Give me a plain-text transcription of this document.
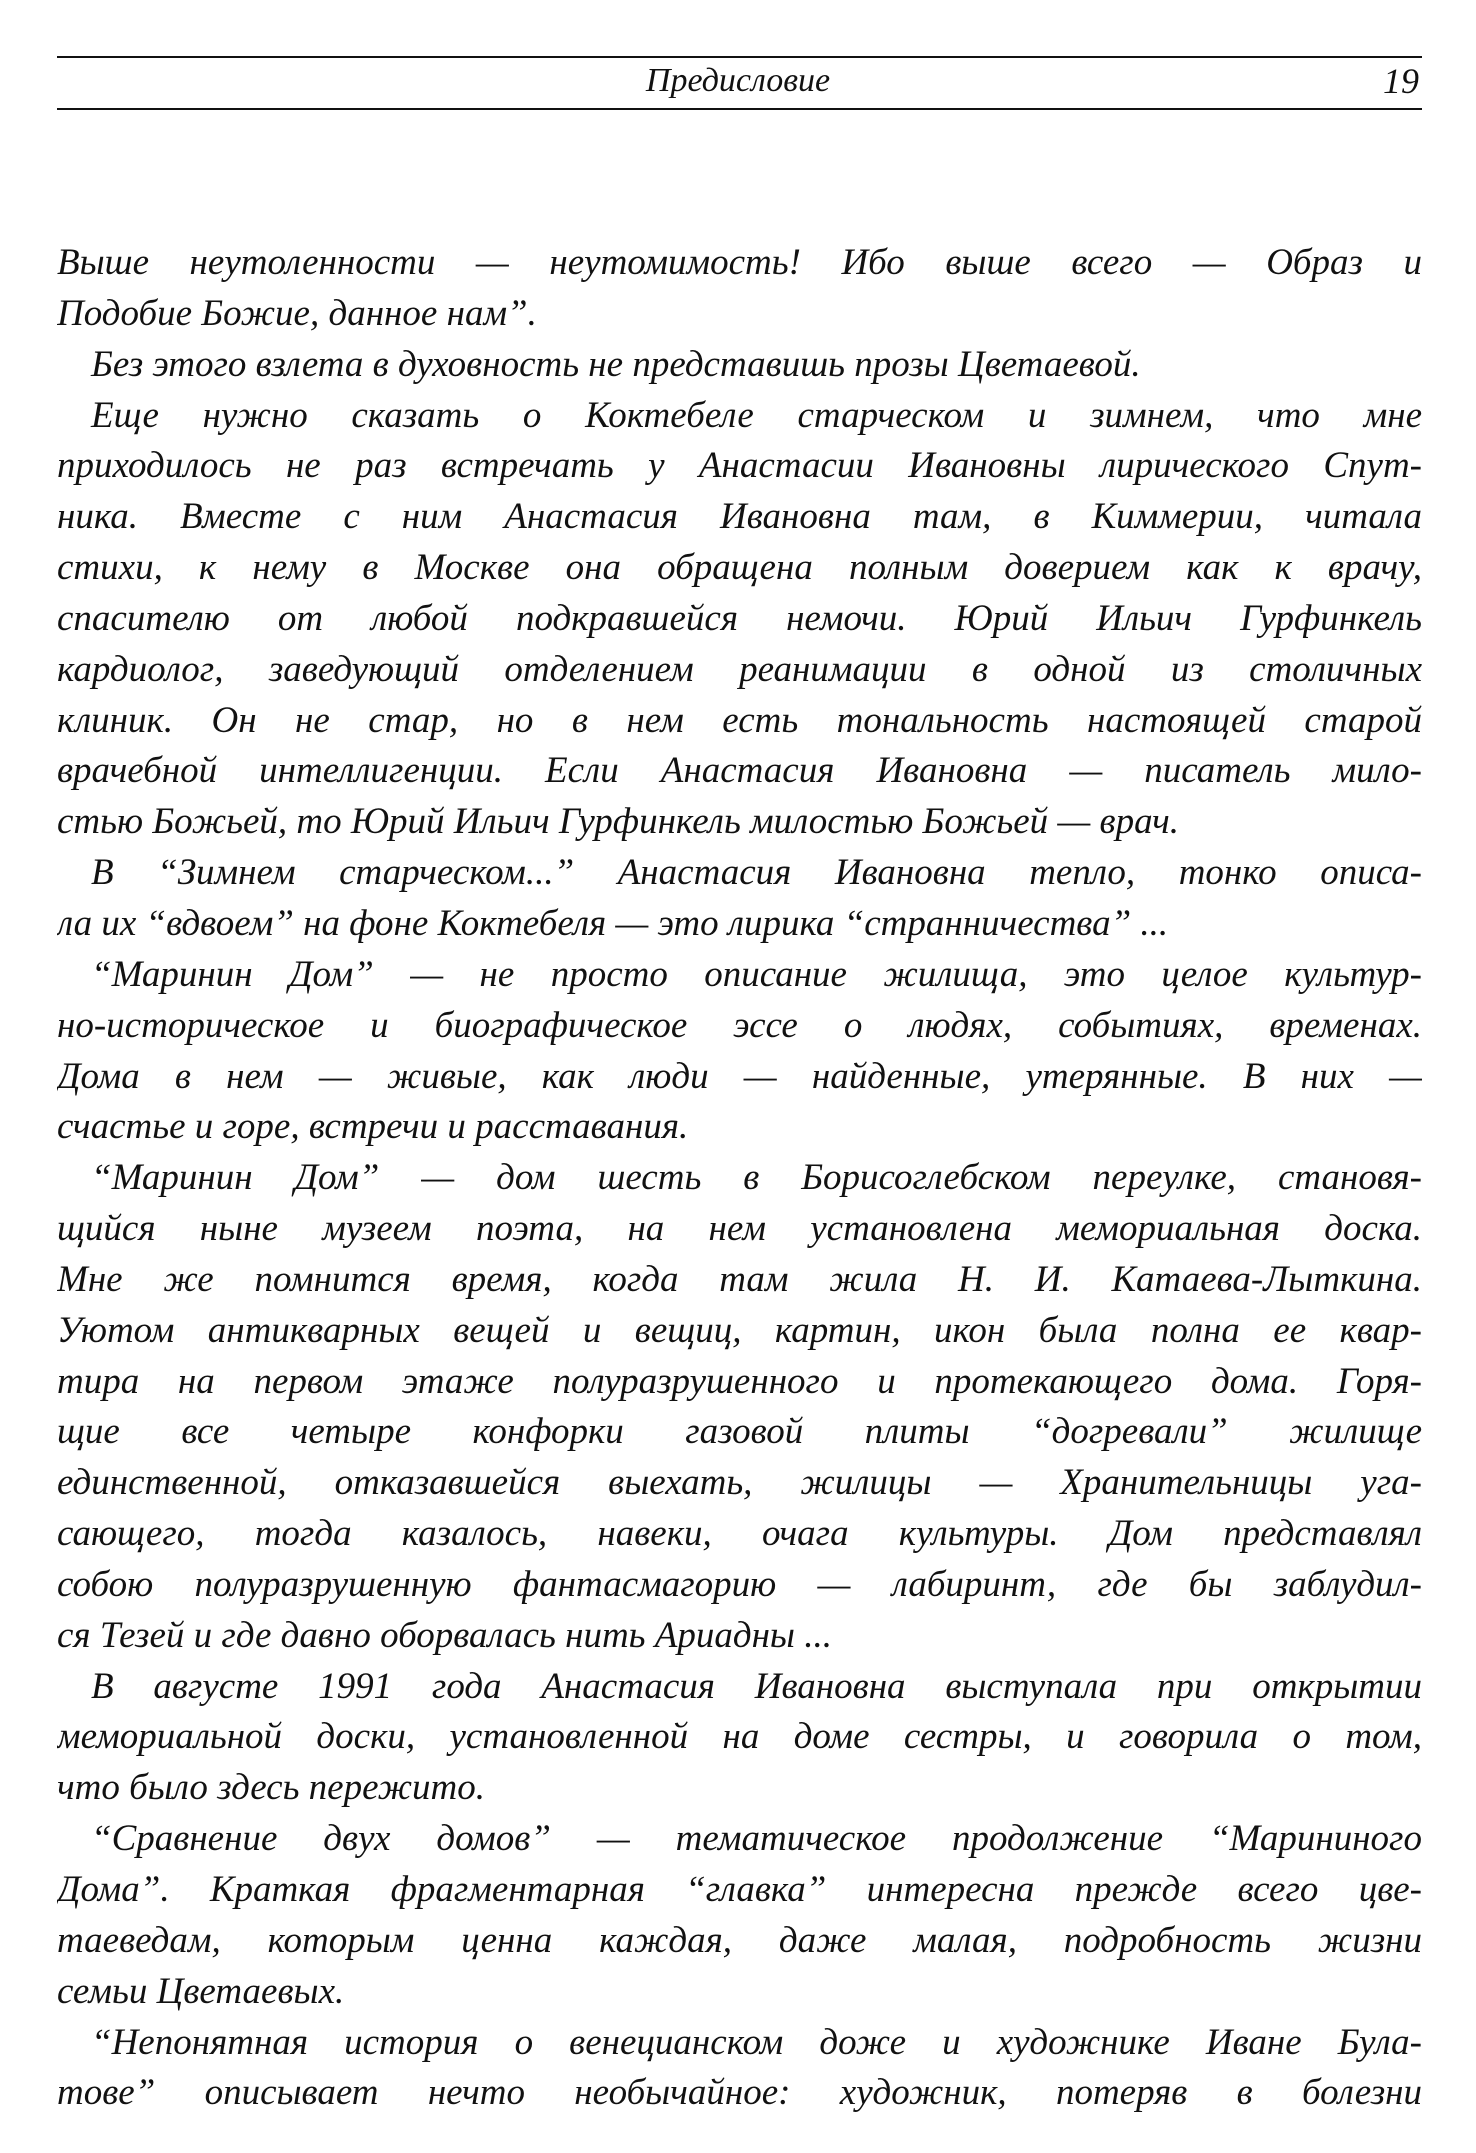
Предисловие	19
Выше неутоленности — неутомимость! Ибо выше всего — Образ и
Подобие Божие, данное нам”.
Без этого взлета в духовность не представишь прозы Цветаевой.
Еще нужно сказать о Коктебеле старческом и зимнем, что мне
приходилось не раз встречать у Анастасии Ивановны лирического Спут-
ника. Вместе с ним Анастасия Ивановна там, в Киммерии, читала
стихи, к нему в Москве она обращена полным доверием как к врачу,
спасителю от любой подкравшейся немочи. Юрий Ильич Гурфинкель
кардиолог, заведующий отделением реанимации в одной из столичных
клиник. Он не стар, но в нем есть тональность настоящей старой
врачебной интеллигенции. Если Анастасия Ивановна — писатель мило-
стью Божьей, то Юрий Ильич Гурфинкель милостью Божьей — врач.
В “Зимнем старческом...” Анастасия Ивановна тепло, тонко описа-
ла их “вдвоем” на фоне Коктебеля — это лирика “странничества” ...
“Маринин Дом” — не просто описание жилища, это целое культур-
но-историческое и биографическое эссе о людях, событиях, временах.
Дома в нем — живые, как люди — найденные, утерянные. В них —
счастье и горе, встречи и расставания.
“Маринин Дом” — дом шесть в Борисоглебском переулке, становя-
щийся ныне музеем поэта, на нем установлена мемориальная доска.
Мне же помнится время, когда там жила Н. И. Катаева-Лыткина.
Уютом антикварных вещей и вещиц, картин, икон была полна ее квар-
тира на первом этаже полуразрушенного и протекающего дома. Горя-
щие все четыре конфорки газовой плиты “догревали” жилище
единственной, отказавшейся выехать, жилицы — Хранительницы уга-
сающего, тогда казалось, навеки, очага культуры. Дом представлял
собою полуразрушенную фантасмагорию — лабиринт, где бы заблудил-
ся Тезей и где давно оборвалась нить Ариадны ...
В августе 1991 года Анастасия Ивановна выступала при открытии
мемориальной доски, установленной на доме сестры, и говорила о том,
что было здесь пережито.
“Сравнение двух домов” — тематическое продолжение “Марининого
Дома”. Краткая фрагментарная “главка” интересна прежде всего цве-
таеведам, которым ценна каждая, даже малая, подробность жизни
семьи Цветаевых.
“Непонятная история о венецианском доже и художнике Иване Була-
тове” описывает нечто необычайное: художник, потеряв в болезни
